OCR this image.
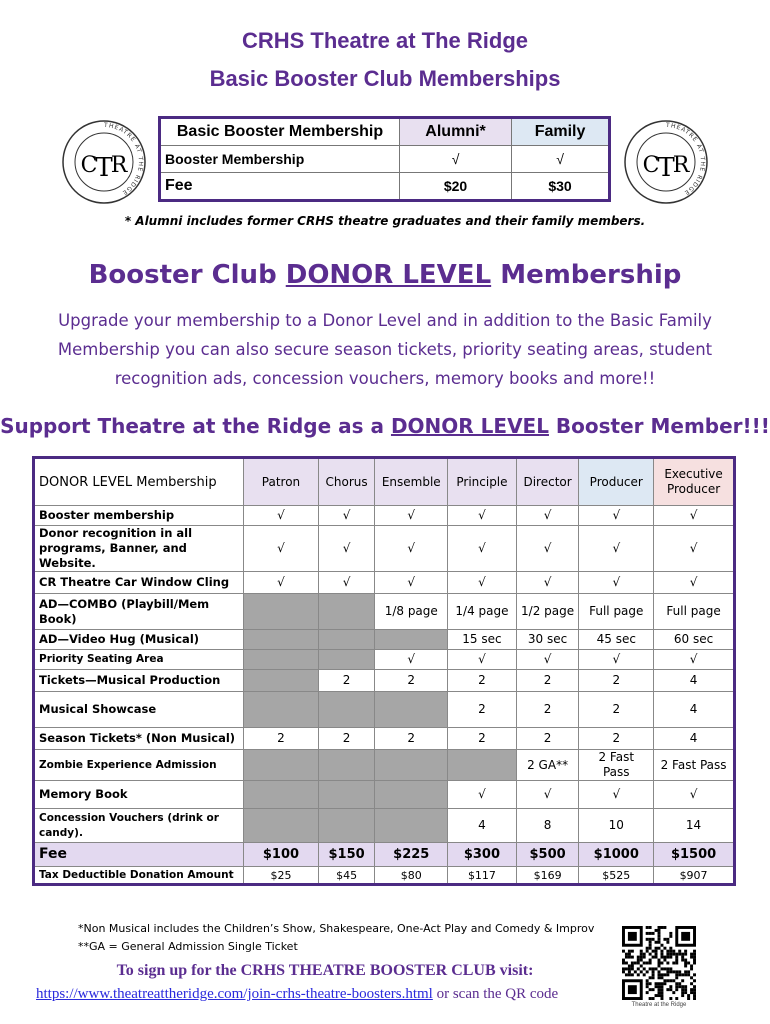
CRHS Theatre at The Ridge
Basic Booster Club Memberships
THEATRE AT THE RIDGE
C
T
R
THEATRE AT THE RIDGE
C
T
R
Basic Booster Membership	Alumni*	Family
Booster Membership	√	√
Fee	$20	$30
* Alumni includes former CRHS theatre graduates and their family members.
Booster Club DONOR LEVEL Membership
Upgrade your membership to a Donor Level and in addition to the Basic Family Membership you can also secure season tickets, priority seating areas, student recognition ads, concession vouchers, memory books and more!!
Support Theatre at the Ridge as a DONOR LEVEL Booster Member!!!
DONOR LEVEL Membership	Patron	Chorus	Ensemble	Principle	Director	Producer	Executive Producer
Booster membership	√	√	√	√	√	√	√
Donor recognition in all programs, Banner, and Website.	√	√	√	√	√	√	√
CR Theatre Car Window Cling	√	√	√	√	√	√	√
AD—COMBO (Playbill/Mem Book)			1/8 page	1/4 page	1/2 page	Full page	Full page
AD—Video Hug (Musical)				15 sec	30 sec	45 sec	60 sec
Priority Seating Area			√	√	√	√	√
Tickets—Musical Production		2	2	2	2	2	4
Musical Showcase				2	2	2	4
Season Tickets* (Non Musical)	2	2	2	2	2	2	4
Zombie Experience Admission					2 GA**	2 Fast Pass	2 Fast Pass
Memory Book				√	√	√	√
Concession Vouchers (drink or candy).				4	8	10	14
Fee	$100	$150	$225	$300	$500	$1000	$1500
Tax Deductible Donation Amount	$25	$45	$80	$117	$169	$525	$907
*Non Musical includes the Children’s Show, Shakespeare, One-Act Play and Comedy & Improv
**GA = General Admission Single Ticket
To sign up for the CRHS THEATRE BOOSTER CLUB visit:
https://www.theatreattheridge.com/join-crhs-theatre-boosters.html or scan the QR code
Theatre at the Ridge
